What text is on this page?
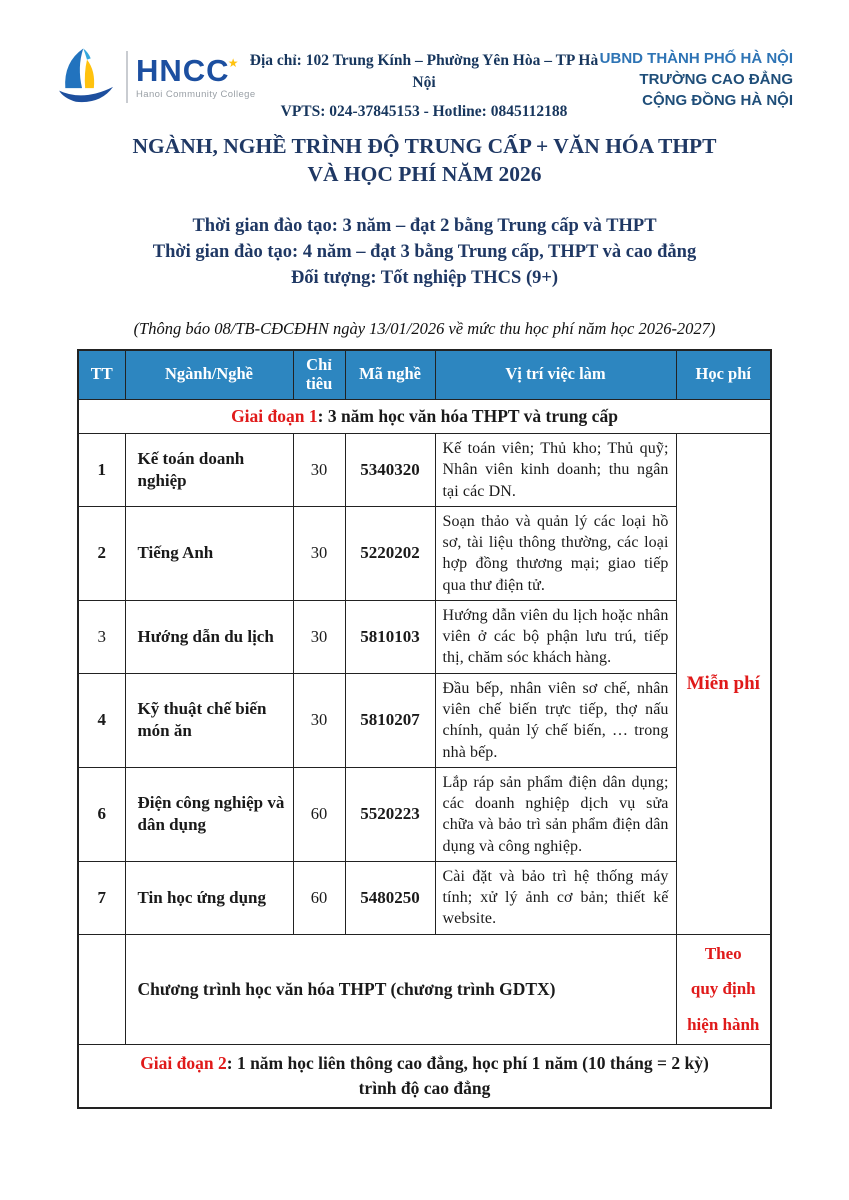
HNCC
★
Hanoi Community College
Địa chỉ: 102 Trung Kính – Phường Yên Hòa – TP Hà Nội
VPTS: 024-37845153 - Hotline: 0845112188
UBND THÀNH PHỐ HÀ NỘI
TRƯỜNG CAO ĐẲNG
CỘNG ĐỒNG HÀ NỘI
NGÀNH, NGHỀ TRÌNH ĐỘ TRUNG CẤP + VĂN HÓA THPT
VÀ HỌC PHÍ NĂM 2026
Thời gian đào tạo: 3 năm – đạt 2 bằng Trung cấp và THPT
Thời gian đào tạo: 4 năm – đạt 3 bằng Trung cấp, THPT và cao đẳng
Đối tượng: Tốt nghiệp THCS (9+)
(Thông báo 08/TB-CĐCĐHN ngày 13/01/2026 về mức thu học phí năm học 2026-2027)
TT	Ngành/Nghề	Chỉ tiêu	Mã nghề	Vị trí việc làm	Học phí
Giai đoạn 1: 3 năm học văn hóa THPT và trung cấp					
1	Kế toán doanh nghiệp	30	5340320	Kế toán viên; Thủ kho; Thủ quỹ; Nhân viên kinh doanh; thu ngân tại các DN.	Miễn phí
2	Tiếng Anh	30	5220202	Soạn thảo và quản lý các loại hồ sơ, tài liệu thông thường, các loại hợp đồng thương mại; giao tiếp qua thư điện tử.	
3	Hướng dẫn du lịch	30	5810103	Hướng dẫn viên du lịch hoặc nhân viên ở các bộ phận lưu trú, tiếp thị, chăm sóc khách hàng.	
4	Kỹ thuật chế biến món ăn	30	5810207	Đầu bếp, nhân viên sơ chế, nhân viên chế biến trực tiếp, thợ nấu chính, quản lý chế biến, … trong nhà bếp.	
6	Điện công nghiệp và dân dụng	60	5520223	Lắp ráp sản phẩm điện dân dụng; các doanh nghiệp dịch vụ sửa chữa và bảo trì sản phẩm điện dân dụng và công nghiệp.	
7	Tin học ứng dụng	60	5480250	Cài đặt và bảo trì hệ thống máy tính; xử lý ảnh cơ bản; thiết kế website.	
	Chương trình học văn hóa THPT (chương trình GDTX)				Theo
quy định
hiện hành

Giai đoạn 2: 1 năm học liên thông cao đẳng, học phí 1 năm (10 tháng = 2 kỳ)
trình độ cao đẳng					
